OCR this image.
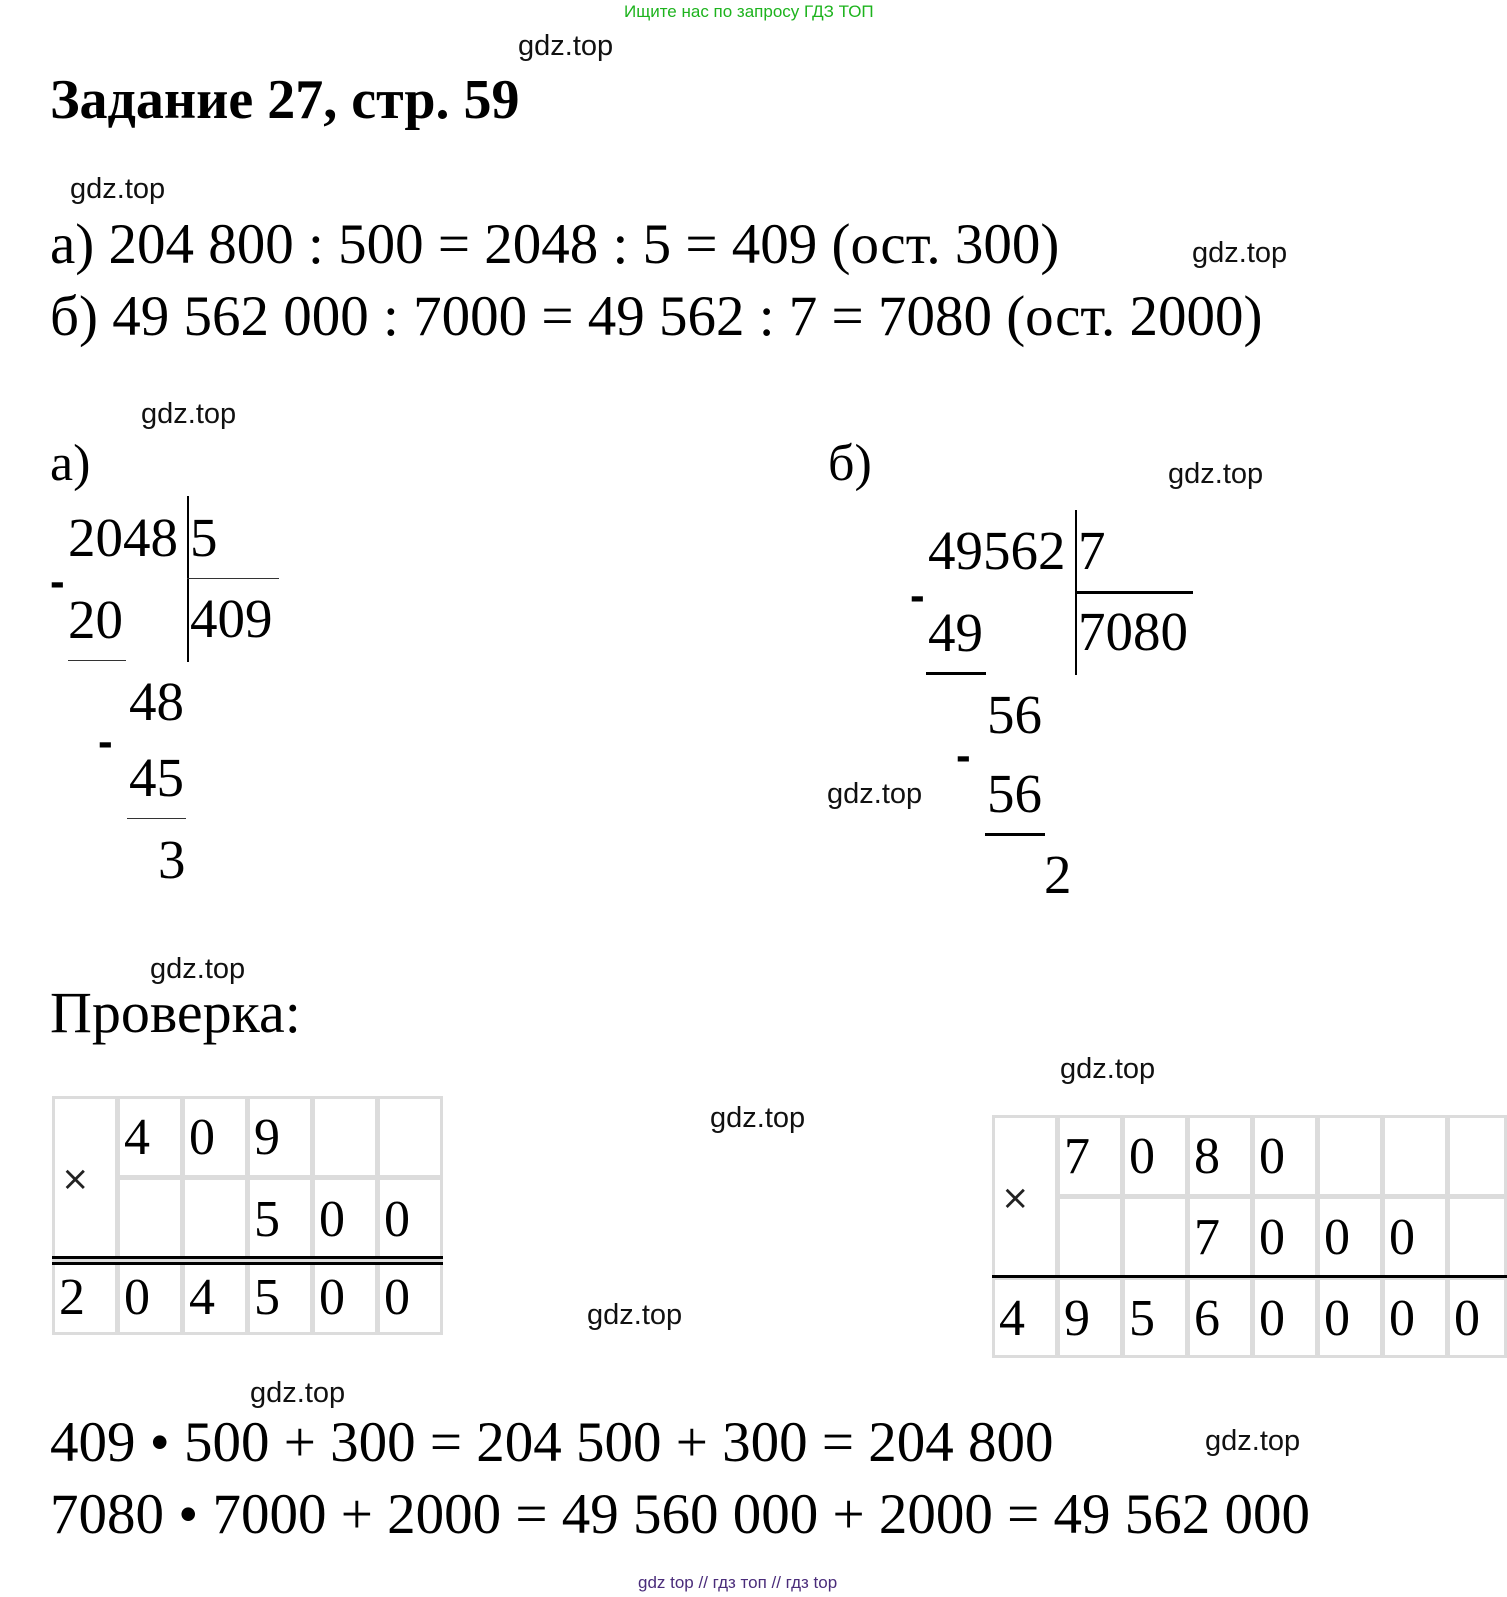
Ищите нас по запросу ГДЗ ТОП
gdz top // гдз топ // гдз top
gdz.top
gdz.top
gdz.top
gdz.top
gdz.top
gdz.top
gdz.top
gdz.top
gdz.top
gdz.top
gdz.top
gdz.top
Задание 27, стр. 59
а) 204 800 : 500 = 2048 : 5 = 409 (ост. 300)
б) 49 562 000 : 7000 = 49 562 : 7 = 7080 (ост. 2000)
а)
2048 5
409
-
20
48
-
45
3
б)
49562 7
7080
-
49
56
-
56
2
Проверка:
×
4 0 9
5 0 0
2 0 4 5 0 0
×
7 0 8 0
7 0 0 0
4 9 5 6 0 0 0 0
409 • 500 + 300 = 204 500 + 300 = 204 800
7080 • 7000 + 2000 = 49 560 000 + 2000 = 49 562 000
